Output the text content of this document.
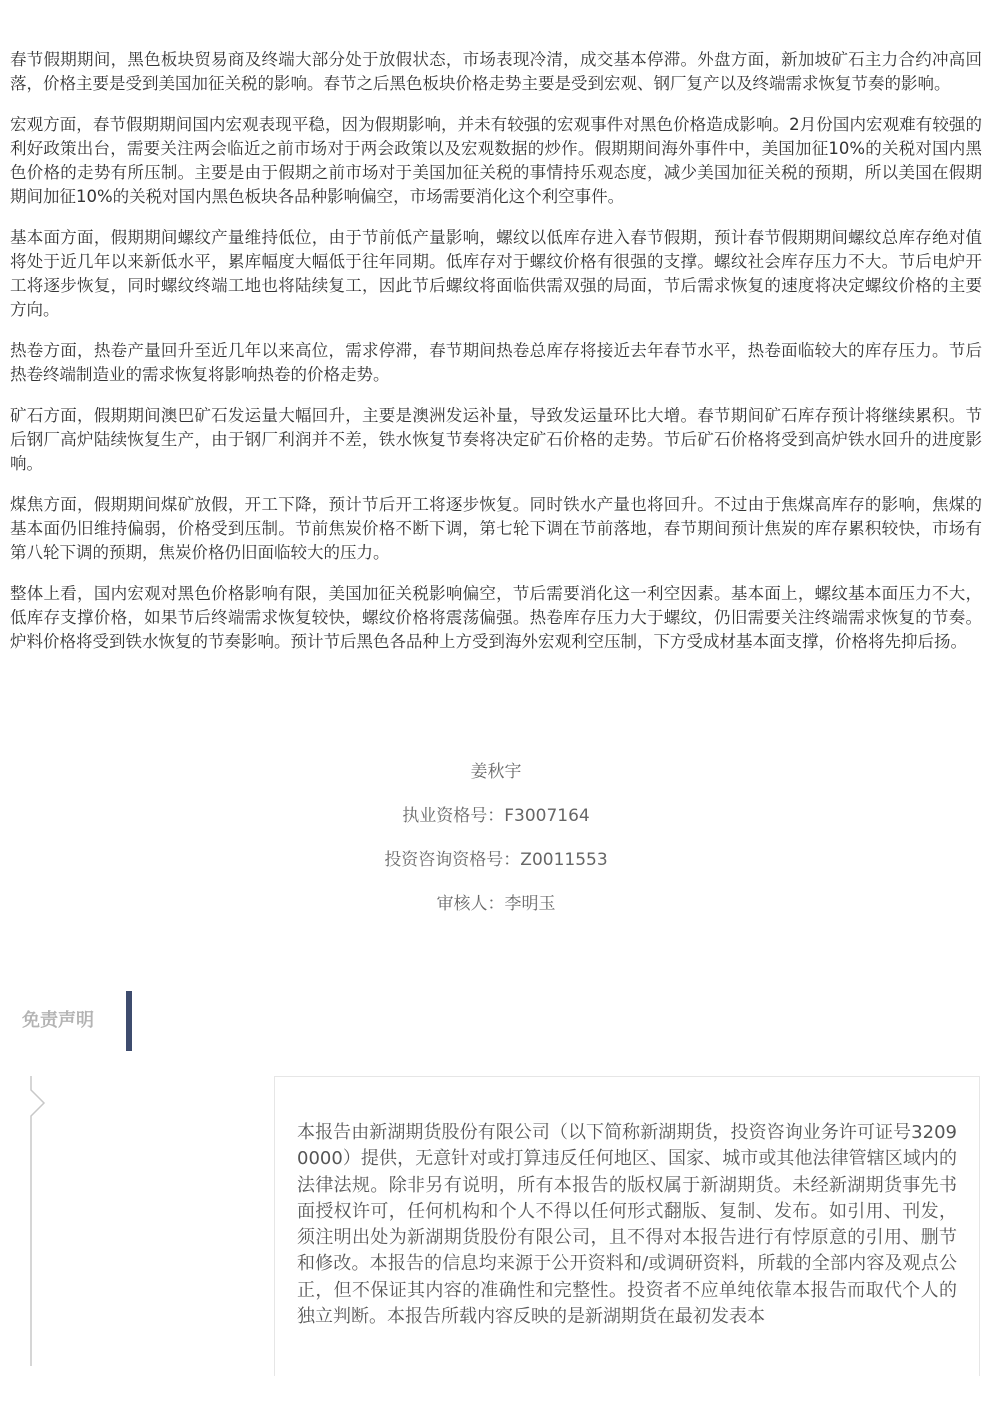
春节假期期间，黑色板块贸易商及终端大部分处于放假状态，市场表现冷清，成交基本停滞。外盘方面，新加坡矿石主力合约冲高回落，价格主要是受到美国加征关税的影响。春节之后黑色板块价格走势主要是受到宏观、钢厂复产以及终端需求恢复节奏的影响。

宏观方面，春节假期期间国内宏观表现平稳，因为假期影响，并未有较强的宏观事件对黑色价格造成影响。2月份国内宏观难有较强的利好政策出台，需要关注两会临近之前市场对于两会政策以及宏观数据的炒作。假期期间海外事件中，美国加征10%的关税对国内黑色价格的走势有所压制。主要是由于假期之前市场对于美国加征关税的事情持乐观态度，减少美国加征关税的预期，所以美国在假期期间加征10%的关税对国内黑色板块各品种影响偏空，市场需要消化这个利空事件。

基本面方面，假期期间螺纹产量维持低位，由于节前低产量影响，螺纹以低库存进入春节假期，预计春节假期期间螺纹总库存绝对值将处于近几年以来新低水平，累库幅度大幅低于往年同期。低库存对于螺纹价格有很强的支撑。螺纹社会库存压力不大。节后电炉开工将逐步恢复，同时螺纹终端工地也将陆续复工，因此节后螺纹将面临供需双强的局面，节后需求恢复的速度将决定螺纹价格的主要方向。

热卷方面，热卷产量回升至近几年以来高位，需求停滞，春节期间热卷总库存将接近去年春节水平，热卷面临较大的库存压力。节后热卷终端制造业的需求恢复将影响热卷的价格走势。

矿石方面，假期期间澳巴矿石发运量大幅回升，主要是澳洲发运补量，导致发运量环比大增。春节期间矿石库存预计将继续累积。节后钢厂高炉陆续恢复生产，由于钢厂利润并不差，铁水恢复节奏将决定矿石价格的走势。节后矿石价格将受到高炉铁水回升的进度影响。

煤焦方面，假期期间煤矿放假，开工下降，预计节后开工将逐步恢复。同时铁水产量也将回升。不过由于焦煤高库存的影响，焦煤的基本面仍旧维持偏弱，价格受到压制。节前焦炭价格不断下调，第七轮下调在节前落地，春节期间预计焦炭的库存累积较快，市场有第八轮下调的预期，焦炭价格仍旧面临较大的压力。

整体上看，国内宏观对黑色价格影响有限，美国加征关税影响偏空，节后需要消化这一利空因素。基本面上，螺纹基本面压力不大，低库存支撑价格，如果节后终端需求恢复较快，螺纹价格将震荡偏强。热卷库存压力大于螺纹，仍旧需要关注终端需求恢复的节奏。炉料价格将受到铁水恢复的节奏影响。预计节后黑色各品种上方受到海外宏观利空压制，下方受成材基本面支撑，价格将先抑后扬。

姜秋宇
执业资格号：F3007164
投资咨询资格号：Z0011553
审核人：李明玉
免责声明
本报告由新湖期货股份有限公司（以下简称新湖期货，投资咨询业务许可证号32090000）提供，无意针对或打算违反任何地区、国家、城市或其他法律管辖区域内的法律法规。除非另有说明，所有本报告的版权属于新湖期货。未经新湖期货事先书面授权许可，任何机构和个人不得以任何形式翻版、复制、发布。如引用、刊发，须注明出处为新湖期货股份有限公司，且不得对本报告进行有悖原意的引用、删节和修改。本报告的信息均来源于公开资料和/或调研资料，所载的全部内容及观点公正，但不保证其内容的准确性和完整性。投资者不应单纯依靠本报告而取代个人的独立判断。本报告所载内容反映的是新湖期货在最初发表本
